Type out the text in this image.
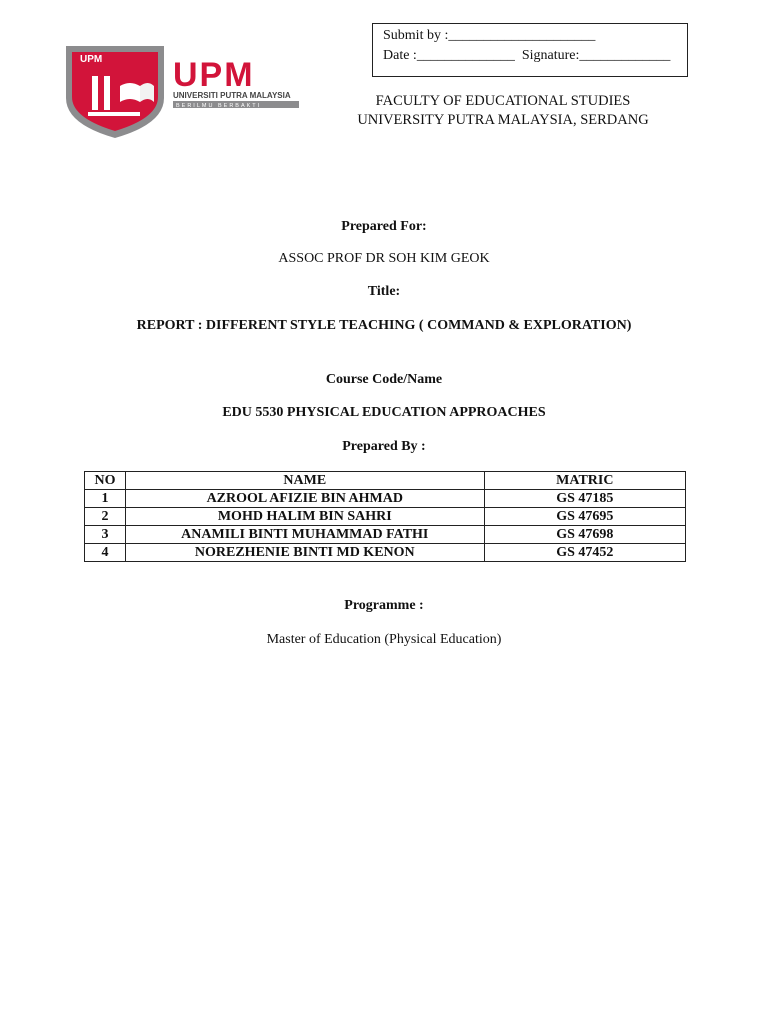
UPM UPM
UNIVERSITI PUTRA MALAYSIA
BERILMU BERBAKTI
Submit by :_____________________
Date :______________ Signature:_____________
FACULTY OF EDUCATIONAL STUDIES
UNIVERSITY PUTRA MALAYSIA, SERDANG
Prepared For:
ASSOC PROF DR SOH KIM GEOK
Title:
REPORT : DIFFERENT STYLE TEACHING ( COMMAND & EXPLORATION)
Course Code/Name
EDU 5530 PHYSICAL EDUCATION APPROACHES
Prepared By :
NO	NAME	MATRIC
1	AZROOL AFIZIE BIN AHMAD	GS 47185
2	MOHD HALIM BIN SAHRI	GS 47695
3	ANAMILI BINTI MUHAMMAD FATHI	GS 47698
4	NOREZHENIE BINTI MD KENON	GS 47452
Programme :
Master of Education (Physical Education)
